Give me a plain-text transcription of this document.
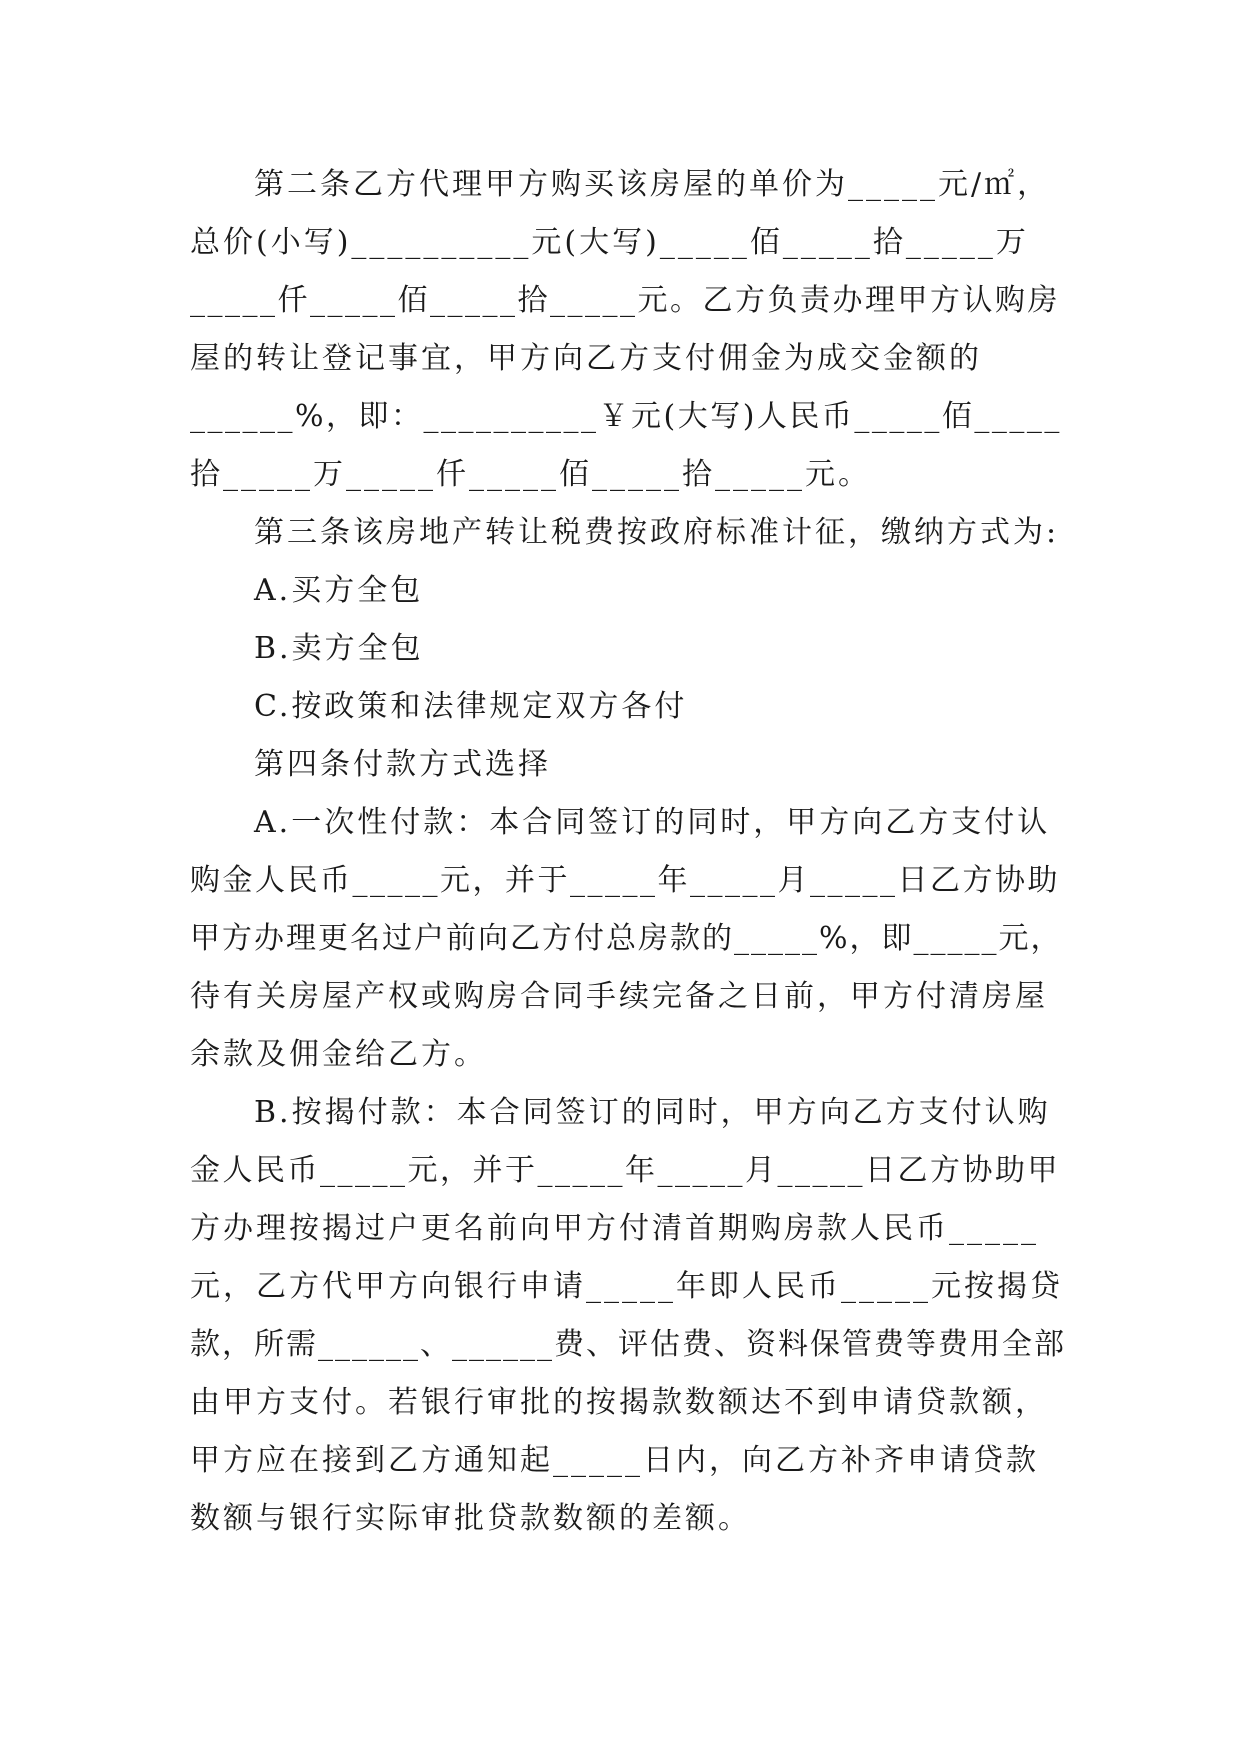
第二条乙方代理甲方购买该房屋的单价为_____元/㎡，
总价(小写)__________元(大写)_____佰_____拾_____万
_____仟_____佰_____拾_____元。乙方负责办理甲方认购房
屋的转让登记事宜，甲方向乙方支付佣金为成交金额的
______%，即：__________￥元(大写)人民币_____佰_____
拾_____万_____仟_____佰_____拾_____元。
第三条该房地产转让税费按政府标准计征，缴纳方式为:
A.买方全包
B.卖方全包
C.按政策和法律规定双方各付
第四条付款方式选择
A.一次性付款：本合同签订的同时，甲方向乙方支付认
购金人民币_____元，并于_____年_____月_____日乙方协助
甲方办理更名过户前向乙方付总房款的_____%，即_____元，
待有关房屋产权或购房合同手续完备之日前，甲方付清房屋
余款及佣金给乙方。
B.按揭付款：本合同签订的同时，甲方向乙方支付认购
金人民币_____元，并于_____年_____月_____日乙方协助甲
方办理按揭过户更名前向甲方付清首期购房款人民币_____
元，乙方代甲方向银行申请_____年即人民币_____元按揭贷
款，所需______、______费、评估费、资料保管费等费用全部
由甲方支付。若银行审批的按揭款数额达不到申请贷款额，
甲方应在接到乙方通知起_____日内，向乙方补齐申请贷款
数额与银行实际审批贷款数额的差额。
